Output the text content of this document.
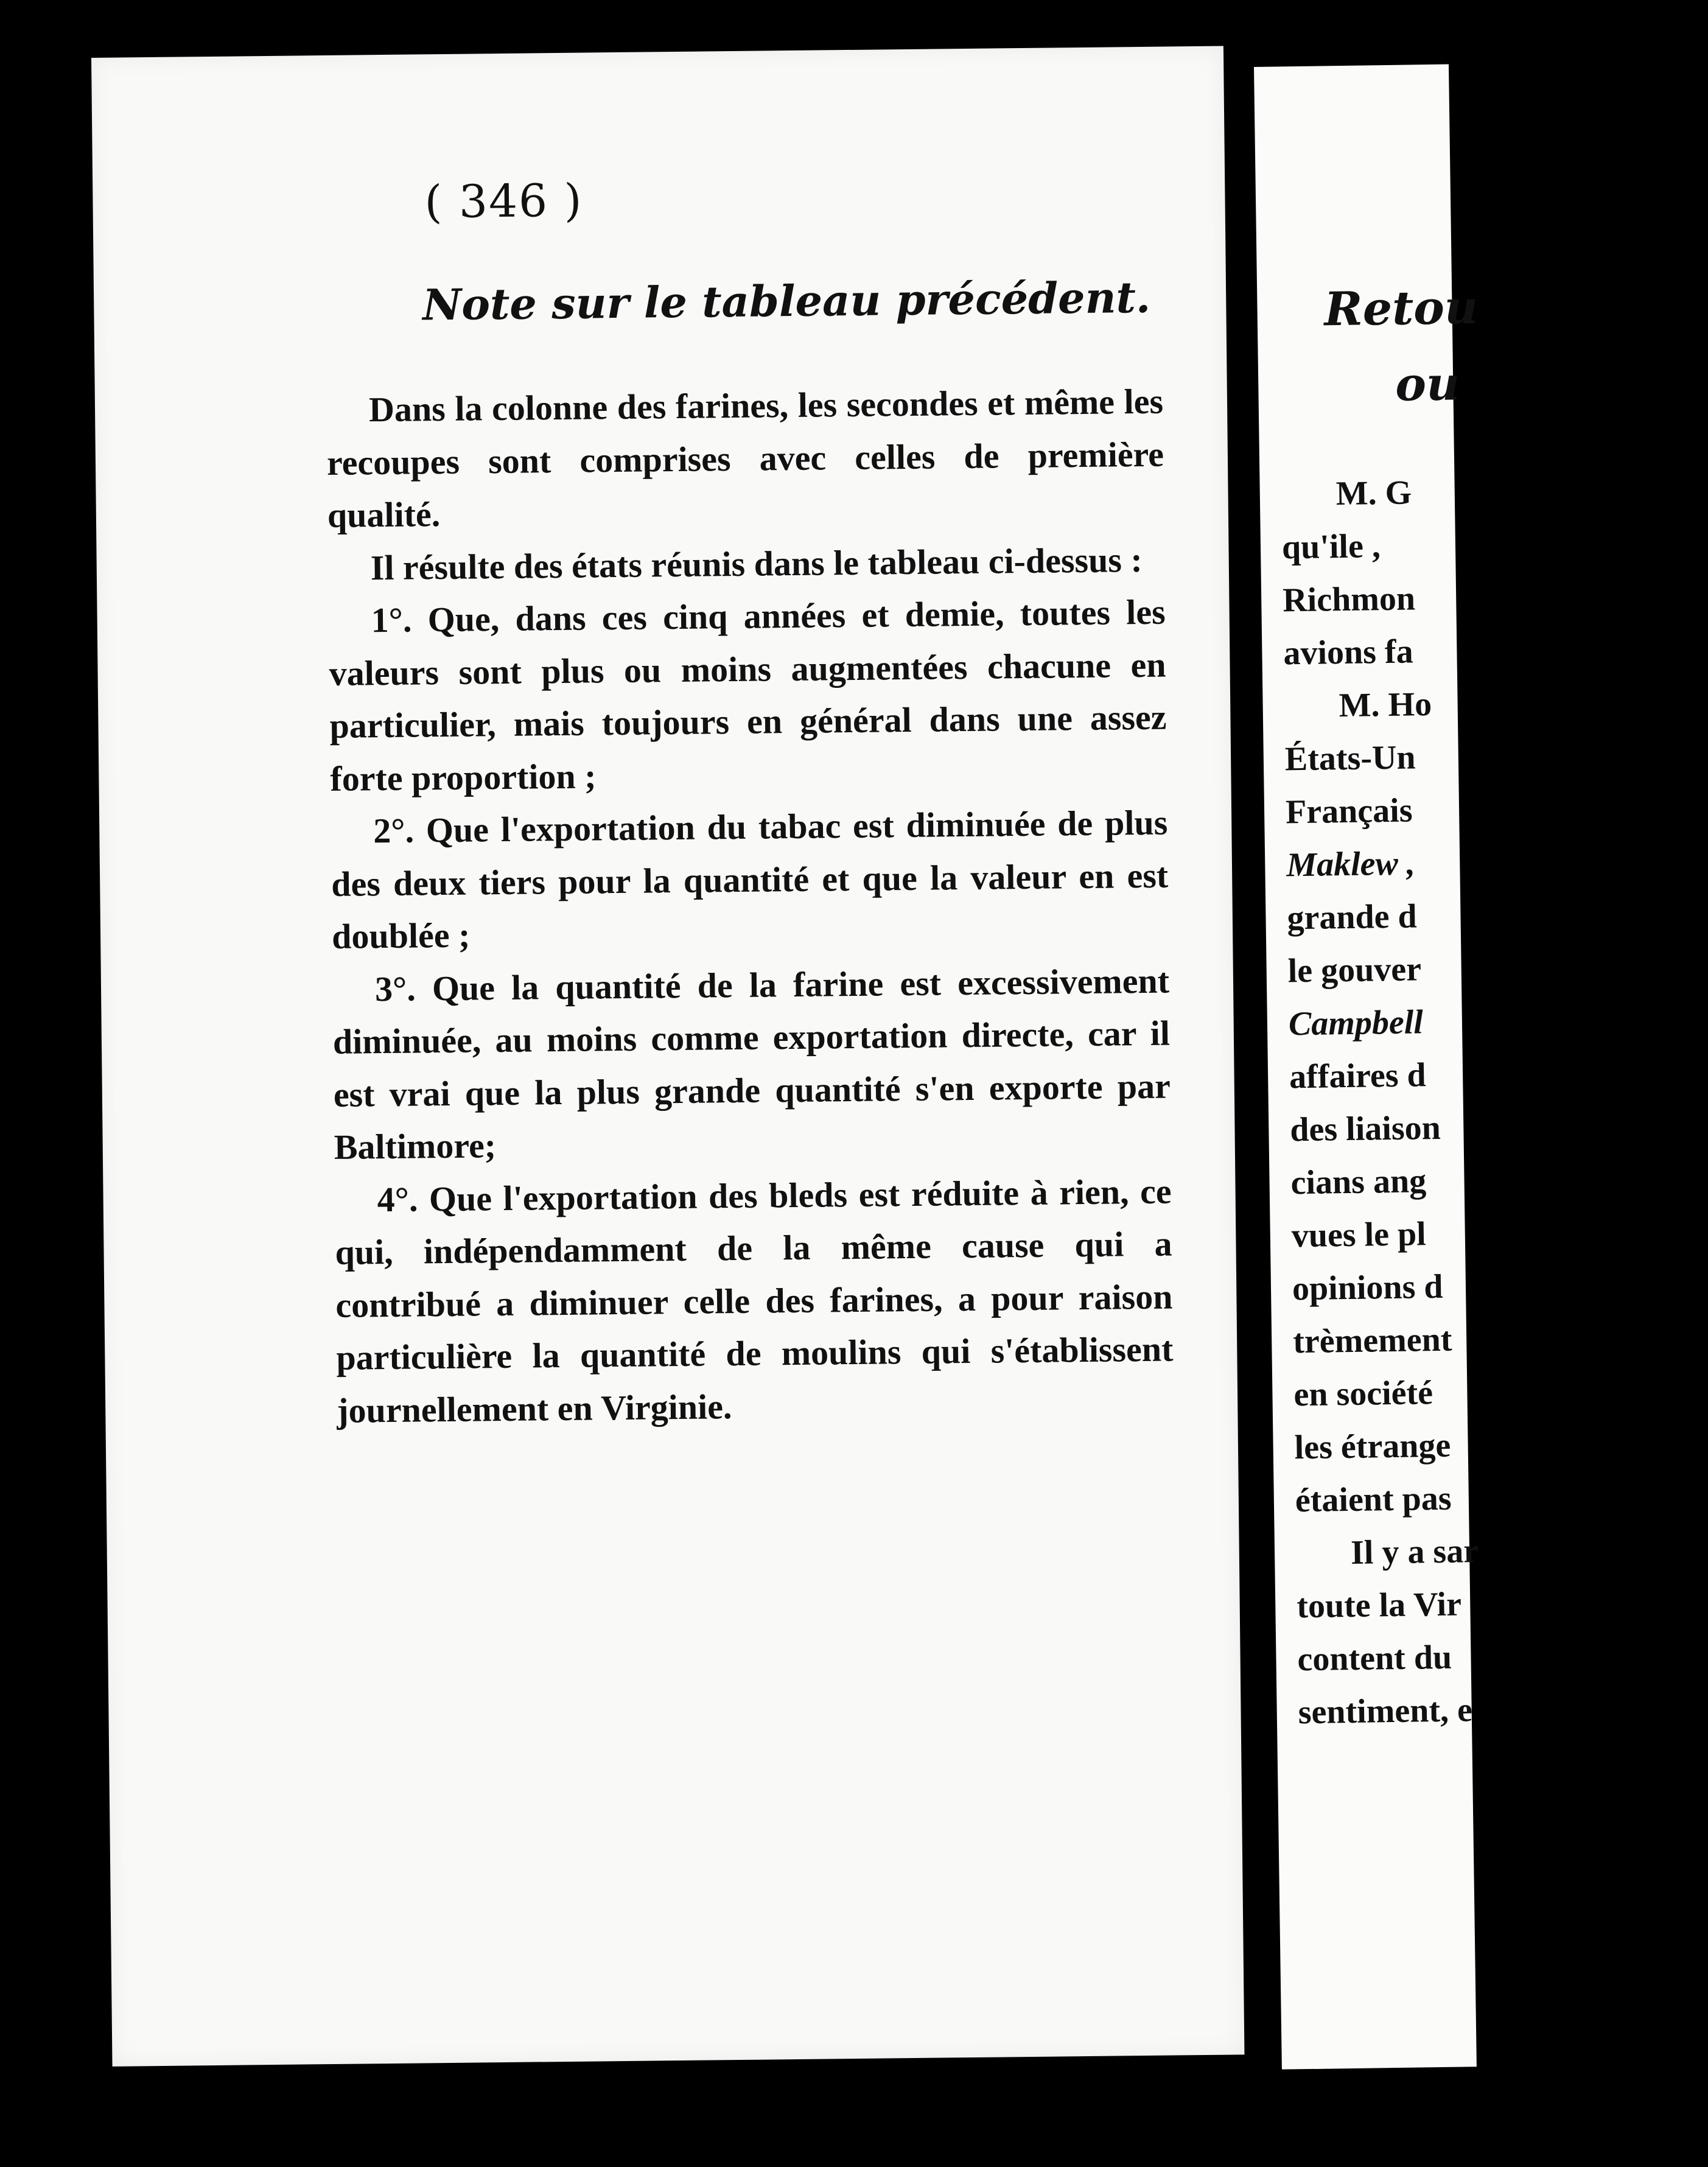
( 346 )
Note sur le tableau précédent.

Dans la colonne des farines, les secondes et même les recoupes sont comprises avec celles de première qualité.

Il résulte des états réunis dans le tableau ci-dessus :

1°. Que, dans ces cinq années et demie, toutes les valeurs sont plus ou moins augmentées chacune en particulier, mais toujours en général dans une assez forte proportion ;

2°. Que l'exportation du tabac est diminuée de plus des deux tiers pour la quantité et que la valeur en est doublée ;

3°. Que la quantité de la farine est excessivement diminuée, au moins comme exportation directe, car il est vrai que la plus grande quantité s'en exporte par Baltimore;

4°. Que l'exportation des bleds est réduite à rien, ce qui, indépendamment de la même cause qui a contribué a diminuer celle des farines, a pour raison particulière la quantité de moulins qui s'établissent journellement en Virginie.

Retou
ou
M. G
qu'ile ,
Richmon
avions fa
M. Ho
États-Un
Français
Maklew ,
grande d
le gouver
Campbell
affaires d
des liaison
cians ang
vues le pl
opinions d
trèmement
en société
les étrange
étaient pas
Il y a sar
toute la Vir
content du
sentiment, e
